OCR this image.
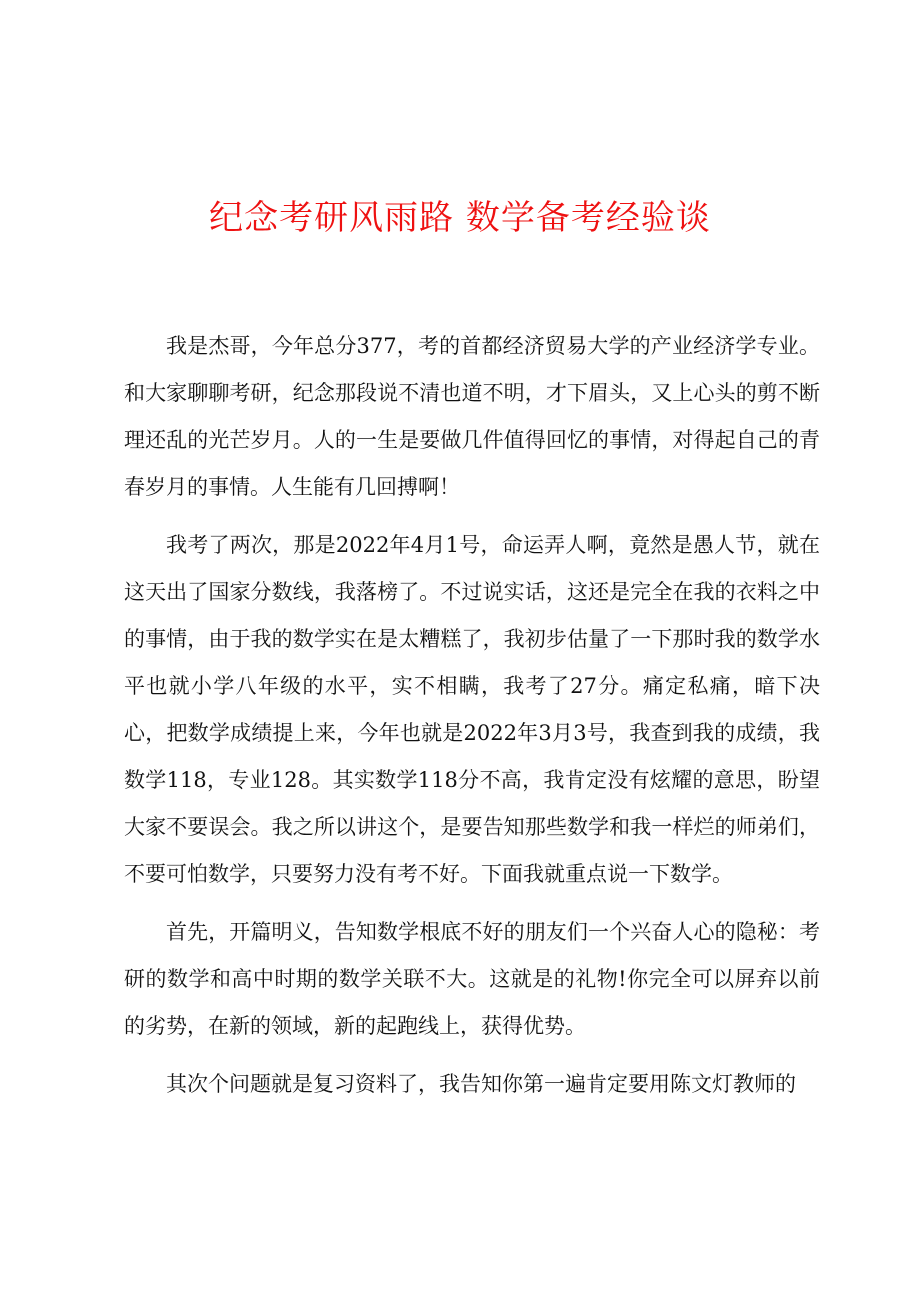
纪念考研风雨路 数学备考经验谈

我是杰哥，今年总分377，考的首都经济贸易大学的产业经济学专业。和大家聊聊考研，纪念那段说不清也道不明，才下眉头，又上心头的剪不断理还乱的光芒岁月。人的一生是要做几件值得回忆的事情，对得起自己的青春岁月的事情。人生能有几回搏啊！

我考了两次，那是2022年4月1号，命运弄人啊，竟然是愚人节，就在这天出了国家分数线，我落榜了。不过说实话，这还是完全在我的衣料之中的事情，由于我的数学实在是太糟糕了，我初步估量了一下那时我的数学水平也就小学八年级的水平，实不相瞒，我考了27分。痛定私痛，暗下决心，把数学成绩提上来，今年也就是2022年3月3号，我查到我的成绩，我数学118，专业128。其实数学118分不高，我肯定没有炫耀的意思，盼望大家不要误会。我之所以讲这个，是要告知那些数学和我一样烂的师弟们，不要可怕数学，只要努力没有考不好。下面我就重点说一下数学。

首先，开篇明义，告知数学根底不好的朋友们一个兴奋人心的隐秘：考研的数学和高中时期的数学关联不大。这就是的礼物!你完全可以屏弃以前的劣势，在新的领域，新的起跑线上，获得优势。

其次个问题就是复习资料了，我告知你第一遍肯定要用陈文灯教师的
